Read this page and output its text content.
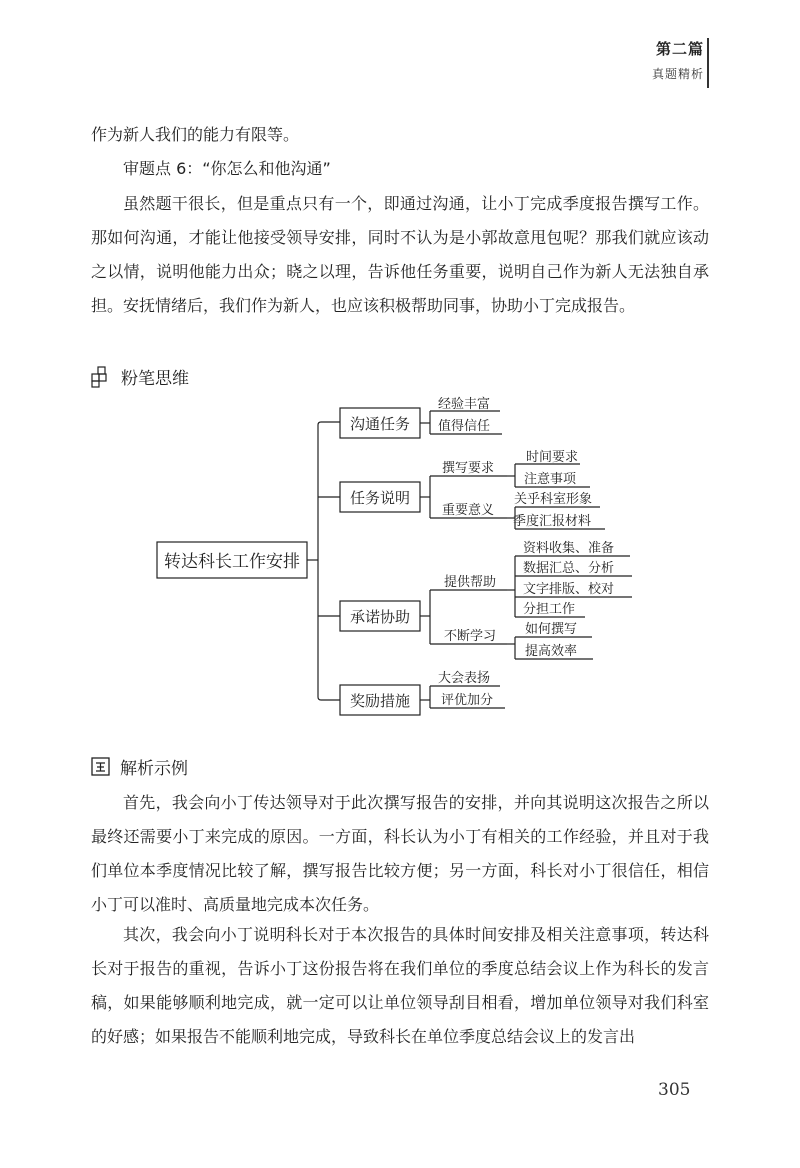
第二篇
真题精析

作为新人我们的能力有限等。

审题点 6：“你怎么和他沟通”

虽然题干很长，但是重点只有一个，即通过沟通，让小丁完成季度报告撰写工作。那如何沟通，才能让他接受领导安排，同时不认为是小郭故意甩包呢？那我们就应该动之以情，说明他能力出众；晓之以理，告诉他任务重要，说明自己作为新人无法独自承担。安抚情绪后，我们作为新人，也应该积极帮助同事，协助小丁完成报告。

粉笔思维
转达科长工作安排
沟通任务
任务说明
承诺协助
奖励措施
经验丰富
值得信任
撰写要求
重要意义
时间要求
注意事项
关乎科室形象
季度汇报材料
提供帮助
不断学习
资料收集、准备
数据汇总、分析
文字排版、校对
分担工作
如何撰写
提高效率
大会表扬
评优加分
解析示例

首先，我会向小丁传达领导对于此次撰写报告的安排，并向其说明这次报告之所以最终还需要小丁来完成的原因。一方面，科长认为小丁有相关的工作经验，并且对于我们单位本季度情况比较了解，撰写报告比较方便；另一方面，科长对小丁很信任，相信小丁可以准时、高质量地完成本次任务。

其次，我会向小丁说明科长对于本次报告的具体时间安排及相关注意事项，转达科长对于报告的重视，告诉小丁这份报告将在我们单位的季度总结会议上作为科长的发言稿，如果能够顺利地完成，就一定可以让单位领导刮目相看，增加单位领导对我们科室的好感；如果报告不能顺利地完成，导致科长在单位季度总结会议上的发言出

305
